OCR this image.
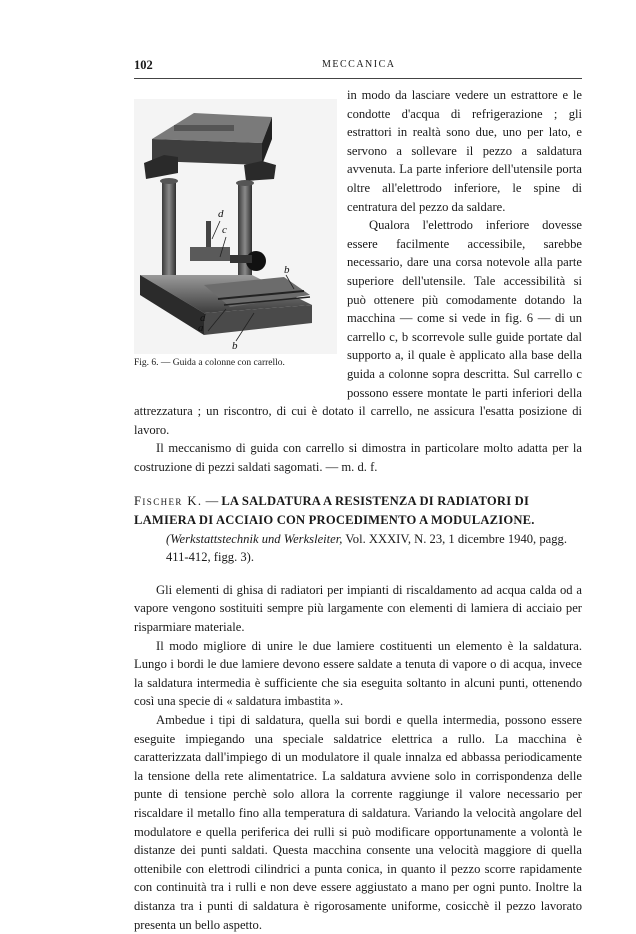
102	MECCANICA
d
c
b
a
d
b
Fig. 6. — Guida a colonne con carrello.

in modo da lasciare vedere un estrattore e le condotte d'acqua di refrigerazione ; gli estrattori in realtà sono due, uno per lato, e servono a sollevare il pezzo a saldatura avvenuta. La parte inferiore dell'utensile porta oltre all'elettrodo inferiore, le spine di centratura del pezzo da saldare.

Qualora l'elettrodo inferiore dovesse essere facilmente accessibile, sarebbe necessario, dare una corsa notevole alla parte superiore dell'utensile. Tale accessibilità si può ottenere più comodamente dotando la macchina — come si vede in fig. 6 — di un carrello c, b scorrevole sulle guide portate dal supporto a, il quale è applicato alla base della guida a colonne sopra descritta. Sul carrello c possono essere montate le parti inferiori della attrezzatura ; un riscontro, di cui è dotato il carrello, ne assicura l'esatta posizione di lavoro.

Il meccanismo di guida con carrello si dimostra in particolare molto adatta per la costruzione di pezzi saldati sagomati. — m. d. f.

Fischer K. — LA SALDATURA A RESISTENZA DI RADIATORI DI LAMIERA DI ACCIAIO CON PROCEDIMENTO A MODULAZIONE.
(Werkstattstechnik und Werksleiter, Vol. XXXIV, N. 23, 1 dicembre 1940, pagg. 411-412, figg. 3).

Gli elementi di ghisa di radiatori per impianti di riscaldamento ad acqua calda od a vapore vengono sostituiti sempre più largamente con elementi di lamiera di acciaio per risparmiare materiale.

Il modo migliore di unire le due lamiere costituenti un elemento è la saldatura. Lungo i bordi le due lamiere devono essere saldate a tenuta di vapore o di acqua, invece la saldatura intermedia è sufficiente che sia eseguita soltanto in alcuni punti, ottenendo così una specie di « saldatura imbastita ».

Ambedue i tipi di saldatura, quella sui bordi e quella intermedia, possono essere eseguite impiegando una speciale saldatrice elettrica a rullo. La macchina è caratterizzata dall'impiego di un modulatore il quale innalza ed abbassa periodicamente la tensione della rete alimentatrice. La saldatura avviene solo in corrispondenza delle punte di tensione perchè solo allora la corrente raggiunge il valore necessario per riscaldare il metallo fino alla temperatura di saldatura. Variando la velocità angolare del modulatore e quella periferica dei rulli si può modificare opportunamente a volontà le distanze dei punti saldati. Questa macchina consente una velocità maggiore di quella ottenibile con elettrodi cilindrici a punta conica, in quanto il pezzo scorre rapidamente con continuità tra i rulli e non deve essere aggiustato a mano per ogni punto. Inoltre la distanza tra i punti di saldatura è rigorosamente uniforme, cosicchè il pezzo lavorato presenta un bello aspetto.
